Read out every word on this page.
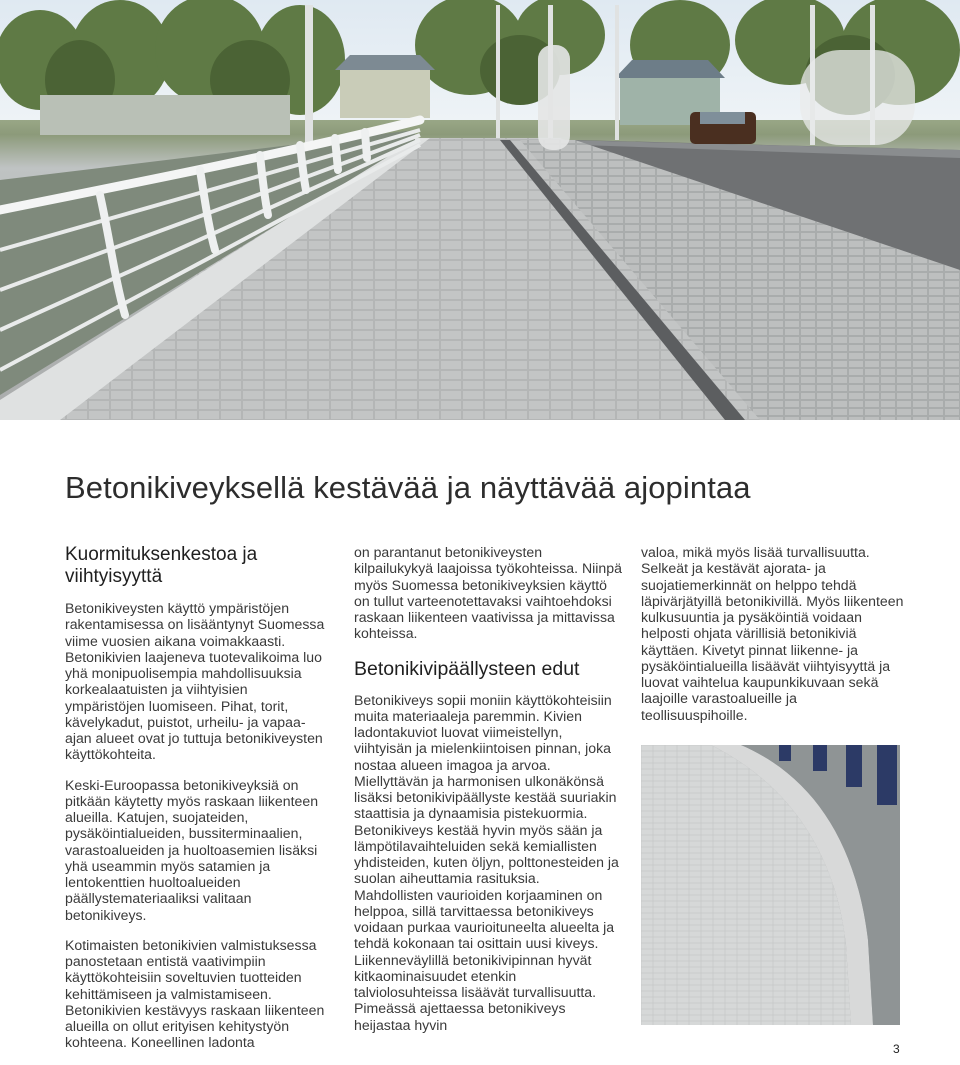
Betonikiveyksellä kestävää ja näyttävää ajopintaa
Kuormituksenkestoa ja viihtyisyyttä

Betonikiveysten käyttö ympäristöjen rakentamisessa on lisääntynyt Suomessa viime vuosien aikana voimakkaasti. Betonikivien laajeneva tuotevalikoima luo yhä monipuolisempia mahdollisuuksia korkealaatuisten ja viihtyisien ympäristöjen luomiseen. Pihat, torit, kävelykadut, puistot, urheilu- ja vapaa-ajan alueet ovat jo tuttuja betonikiveysten käyttökohteita.

Keski-Euroopassa betonikiveyksiä on pitkään käytetty myös raskaan liikenteen alueilla. Katujen, suojateiden, pysäköintialueiden, bussiterminaalien, varastoalueiden ja huoltoasemien lisäksi yhä useammin myös satamien ja lentokenttien huoltoalueiden päällystemateriaaliksi valitaan betonikiveys.

Kotimaisten betonikivien valmistuksessa panostetaan entistä vaativimpiin käyttökohteisiin soveltuvien tuotteiden kehittämiseen ja valmistamiseen. Betonikivien kestävyys raskaan liikenteen alueilla on ollut erityisen kehitystyön kohteena. Koneellinen ladonta

on parantanut betonikiveysten kilpailukykyä laajoissa työkohteissa. Niinpä myös Suomessa betonikiveyksien käyttö on tullut varteenotettavaksi vaihtoehdoksi raskaan liikenteen vaativissa ja mittavissa kohteissa.

Betonikivipäällysteen edut

Betonikiveys sopii moniin käyttökohteisiin muita materiaaleja paremmin. Kivien ladontakuviot luovat viimeistellyn, viihtyisän ja mielenkiintoisen pinnan, joka nostaa alueen imagoa ja arvoa. Miellyttävän ja harmonisen ulkonäkönsä lisäksi betonikivipäällyste kestää suuriakin staattisia ja dynaamisia pistekuormia. Betonikiveys kestää hyvin myös sään ja lämpötilavaihteluiden sekä kemiallisten yhdisteiden, kuten öljyn, polttonesteiden ja suolan aiheuttamia rasituksia. Mahdollisten vaurioiden korjaaminen on helppoa, sillä tarvittaessa betonikiveys voidaan purkaa vaurioituneelta alueelta ja tehdä kokonaan tai osittain uusi kiveys. Liikenneväylillä betonikivipinnan hyvät kitkaominaisuudet etenkin talviolosuhteissa lisäävät turvallisuutta. Pimeässä ajettaessa betonikiveys heijastaa hyvin

valoa, mikä myös lisää turvallisuutta. Selkeät ja kestävät ajorata- ja suojatiemerkinnät on helppo tehdä läpivärjätyillä betonikivillä. Myös liikenteen kulkusuuntia ja pysäköintiä voidaan helposti ohjata värillisiä betonikiviä käyttäen. Kivetyt pinnat liikenne- ja pysäköintialueilla lisäävät viihtyisyyttä ja luovat vaihtelua kaupunkikuvaan sekä laajoille varastoalueille ja teollisuuspihoille.

3
